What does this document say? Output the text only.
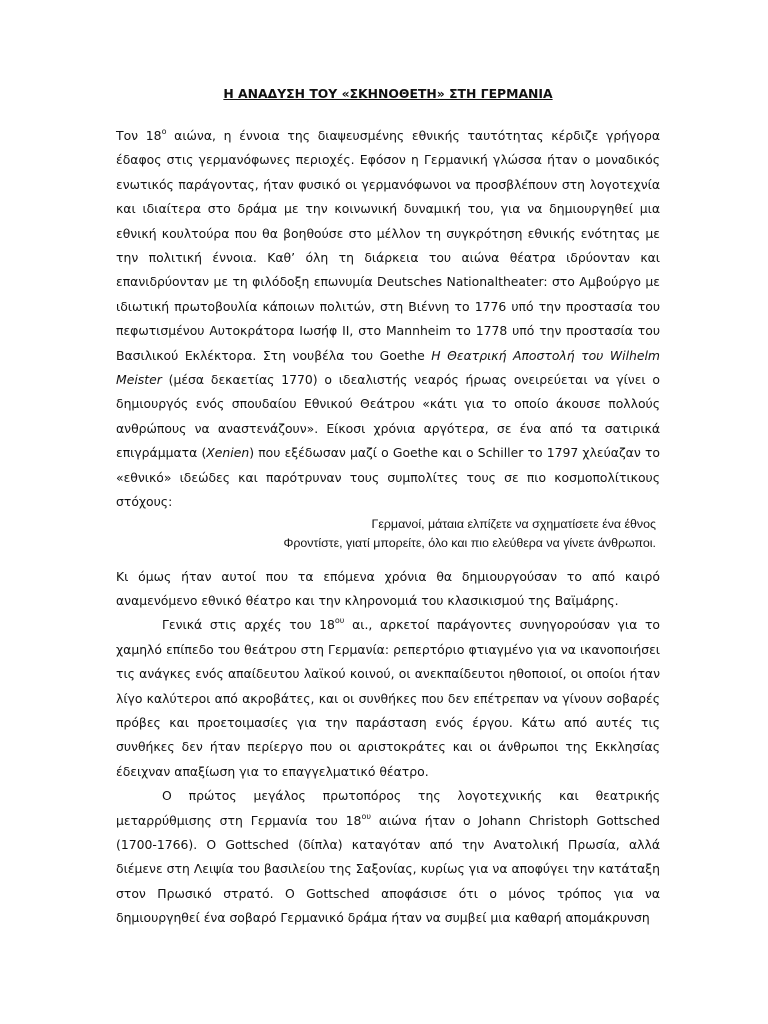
Η ΑΝΑΔΥΣΗ ΤΟΥ «ΣΚΗΝΟΘΕΤΗ» ΣΤΗ ΓΕΡΜΑΝΙΑ

Τον $18^o$ αιώνα, η έννοια της διαψευσμένης εθνικής ταυτότητας κέρδιζε γρήγορα έδαφος στις γερμανόφωνες περιοχές. Εφόσον η Γερμανική γλώσσα ήταν ο μοναδικός ενωτικός παράγοντας, ήταν φυσικό οι γερμανόφωνοι να προσβλέπουν στη λογοτεχνία και ιδιαίτερα στο δράμα με την κοινωνική δυναμική του, για να δημιουργηθεί μια εθνική κουλτούρα που θα βοηθούσε στο μέλλον τη συγκρότηση εθνικής ενότητας με την πολιτική έννοια. Καθ’ όλη τη διάρκεια του αιώνα θέατρα ιδρύονταν και επανιδρύονταν με τη φιλόδοξη επωνυμία Deutsches Nationaltheater: στο Αμβούργο με ιδιωτική πρωτοβουλία κάποιων πολιτών, στη Βιέννη το 1776 υπό την προστασία του πεφωτισμένου Αυτοκράτορα Ιωσήφ ΙΙ, στο Mannheim το 1778 υπό την προστασία του Βασιλικού Εκλέκτορα. Στη νουβέλα του Goethe Η Θεατρική Αποστολή του Wilhelm Meister (μέσα δεκαετίας 1770) ο ιδεαλιστής νεαρός ήρωας ονειρεύεται να γίνει ο δημιουργός ενός σπουδαίου Εθνικού Θεάτρου «κάτι για το οποίο άκουσε πολλούς ανθρώπους να αναστενάζουν». Είκοσι χρόνια αργότερα, σε ένα από τα σατιρικά επιγράμματα (Xenien) που εξέδωσαν μαζί ο Goethe και ο Schiller το 1797 χλεύαζαν το «εθνικό» ιδεώδες και παρότρυναν τους συμπολίτες τους σε πιο κοσμοπολίτικους στόχους:

Γερμανοί, μάταια ελπίζετε να σχηματίσετε ένα έθνος
Φροντίστε, γιατί μπορείτε, όλο και πιο ελεύθερα να γίνετε άνθρωποι.

Κι όμως ήταν αυτοί που τα επόμενα χρόνια θα δημιουργούσαν το από καιρό αναμενόμενο εθνικό θέατρο και την κληρονομιά του κλασικισμού της Βαϊμάρης.

Γενικά στις αρχές του $18^{o\upsilon}$ αι., αρκετοί παράγοντες συνηγορούσαν για το χαμηλό επίπεδο του θεάτρου στη Γερμανία: ρεπερτόριο φτιαγμένο για να ικανοποιήσει τις ανάγκες ενός απαίδευτου λαϊκού κοινού, οι ανεκπαίδευτοι ηθοποιοί, οι οποίοι ήταν λίγο καλύτεροι από ακροβάτες, και οι συνθήκες που δεν επέτρεπαν να γίνουν σοβαρές πρόβες και προετοιμασίες για την παράσταση ενός έργου. Κάτω από αυτές τις συνθήκες δεν ήταν περίεργο που οι αριστοκράτες και οι άνθρωποι της Εκκλησίας έδειχναν απαξίωση για το επαγγελματικό θέατρο.

Ο πρώτος μεγάλος πρωτοπόρος της λογοτεχνικής και θεατρικής μεταρρύθμισης στη Γερμανία του $18^{o\upsilon}$ αιώνα ήταν ο Johann Christoph Gottsched (1700-1766). Ο Gottsched (δίπλα) καταγόταν από την Ανατολική Πρωσία, αλλά διέμενε στη Λειψία του βασιλείου της Σαξονίας, κυρίως για να αποφύγει την κατάταξη στον Πρωσικό στρατό. Ο Gottsched αποφάσισε ότι ο μόνος τρόπος για να δημιουργηθεί ένα σοβαρό Γερμανικό δράμα ήταν να συμβεί μια καθαρή απομάκρυνση
